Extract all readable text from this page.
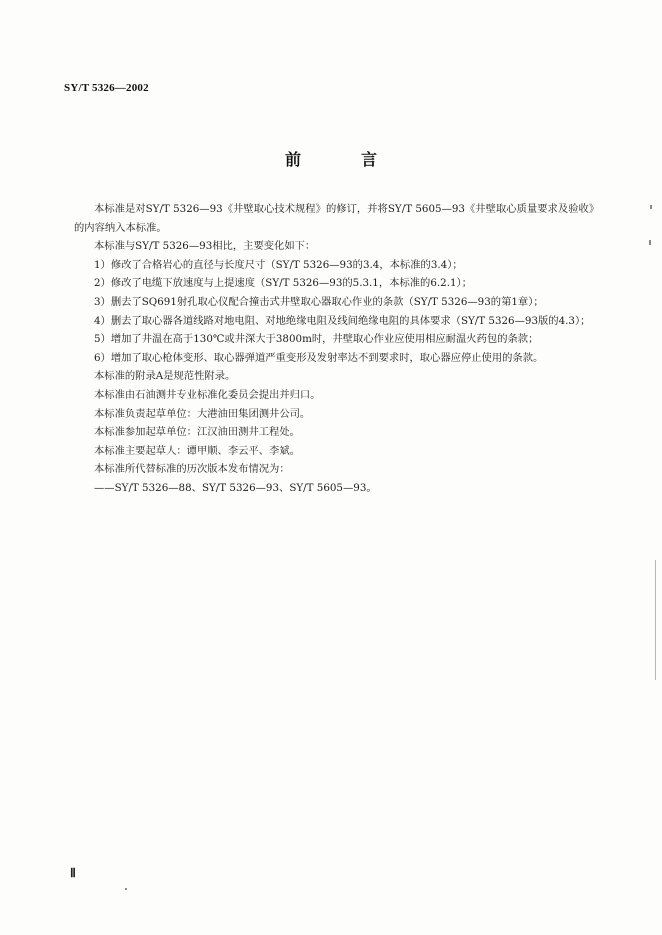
SY/T 5326—2002
前　言

本标准是对SY/T 5326—93《井壁取心技术规程》的修订，并将SY/T 5605—93《井壁取心质量要求及验收》的内容纳入本标准。

本标准与SY/T 5326—93相比，主要变化如下：

1）修改了合格岩心的直径与长度尺寸（SY/T 5326—93的3.4，本标准的3.4）；

2）修改了电缆下放速度与上提速度（SY/T 5326—93的5.3.1，本标准的6.2.1）；

3）删去了SQ691射孔取心仪配合撞击式井壁取心器取心作业的条款（SY/T 5326—93的第1章）；

4）删去了取心器各道线路对地电阻、对地绝缘电阻及线间绝缘电阻的具体要求（SY/T 5326—93版的4.3）；

5）增加了井温在高于130℃或井深大于3800m时，井壁取心作业应使用相应耐温火药包的条款；

6）增加了取心枪体变形、取心器弹道严重变形及发射率达不到要求时，取心器应停止使用的条款。

本标准的附录A是规范性附录。

本标准由石油测井专业标准化委员会提出并归口。

本标准负责起草单位：大港油田集团测井公司。

本标准参加起草单位：江汉油田测井工程处。

本标准主要起草人：谭甲顺、李云平、李斌。

本标准所代替标准的历次版本发布情况为：

——SY/T 5326—88、SY/T 5326—93、SY/T 5605—93。

Ⅱ
